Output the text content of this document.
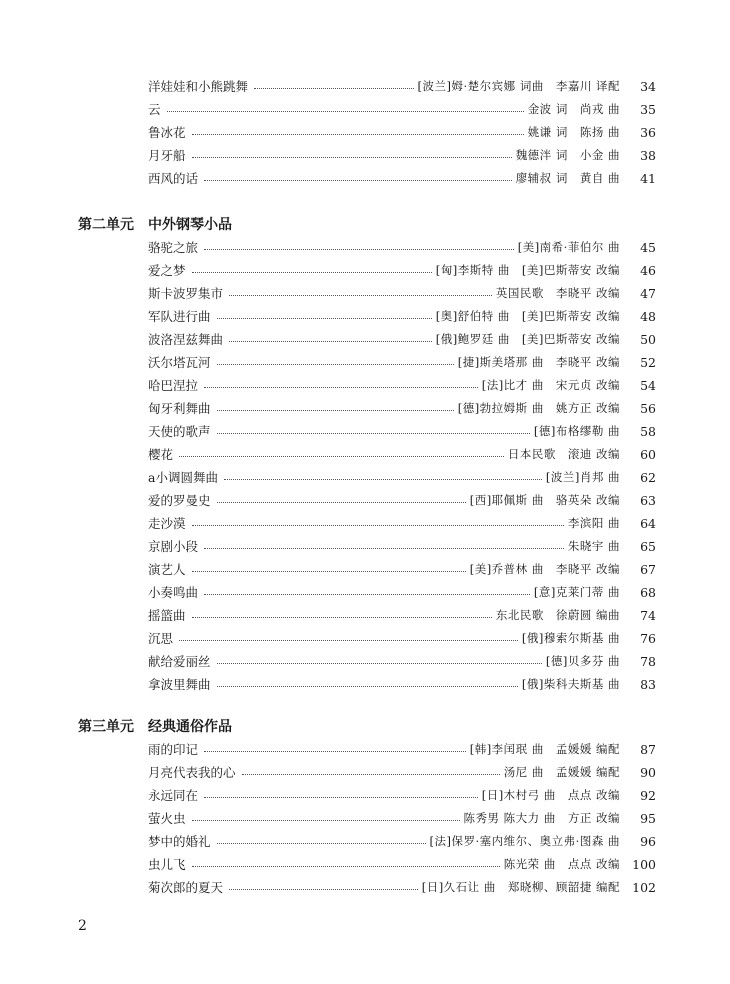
洋娃娃和小熊跳舞	[波兰]姆·楚尔宾娜 词曲　李嘉川 译配	34
云	金波 词　尚戎 曲	35
鲁冰花	姚谦 词　陈扬 曲	36
月牙船	魏德泮 词　小金 曲	38
西风的话	廖辅叔 词　黄自 曲	41
第二单元 中外钢琴小品
骆驼之旅	[美]南希·菲伯尔 曲	45
爱之梦	[匈]李斯特 曲　[美]巴斯蒂安 改编	46
斯卡波罗集市	英国民歌　李晓平 改编	47
军队进行曲	[奥]舒伯特 曲　[美]巴斯蒂安 改编	48
波洛涅兹舞曲	[俄]鲍罗廷 曲　[美]巴斯蒂安 改编	50
沃尔塔瓦河	[捷]斯美塔那 曲　李晓平 改编	52
哈巴涅拉	[法]比才 曲　宋元贞 改编	54
匈牙利舞曲	[德]勃拉姆斯 曲　姚方正 改编	56
天使的歌声	[德]布格缪勒 曲	58
樱花	日本民歌　滚迪 改编	60
a小调圆舞曲	[波兰]肖邦 曲	62
爱的罗曼史	[西]耶佩斯 曲　骆英朵 改编	63
走沙漠	李滨阳 曲	64
京剧小段	朱晓宇 曲	65
演艺人	[美]乔普林 曲　李晓平 改编	67
小奏鸣曲	[意]克莱门蒂 曲	68
摇篮曲	东北民歌　徐蔚圆 编曲	74
沉思	[俄]穆索尔斯基 曲	76
献给爱丽丝	[德]贝多芬 曲	78
拿波里舞曲	[俄]柴科夫斯基 曲	83
第三单元 经典通俗作品
雨的印记	[韩]李闰珉 曲　孟媛媛 编配	87
月亮代表我的心	汤尼 曲　孟媛媛 编配	90
永远同在	[日]木村弓 曲　点点 改编	92
萤火虫	陈秀男 陈大力 曲　方正 改编	95
梦中的婚礼	[法]保罗·塞内维尔、奥立弗·图森 曲	96
虫儿飞	陈光荣 曲　点点 改编 100
菊次郎的夏天	[日]久石让 曲　郑晓柳、顾韶捷 编配 102
2
